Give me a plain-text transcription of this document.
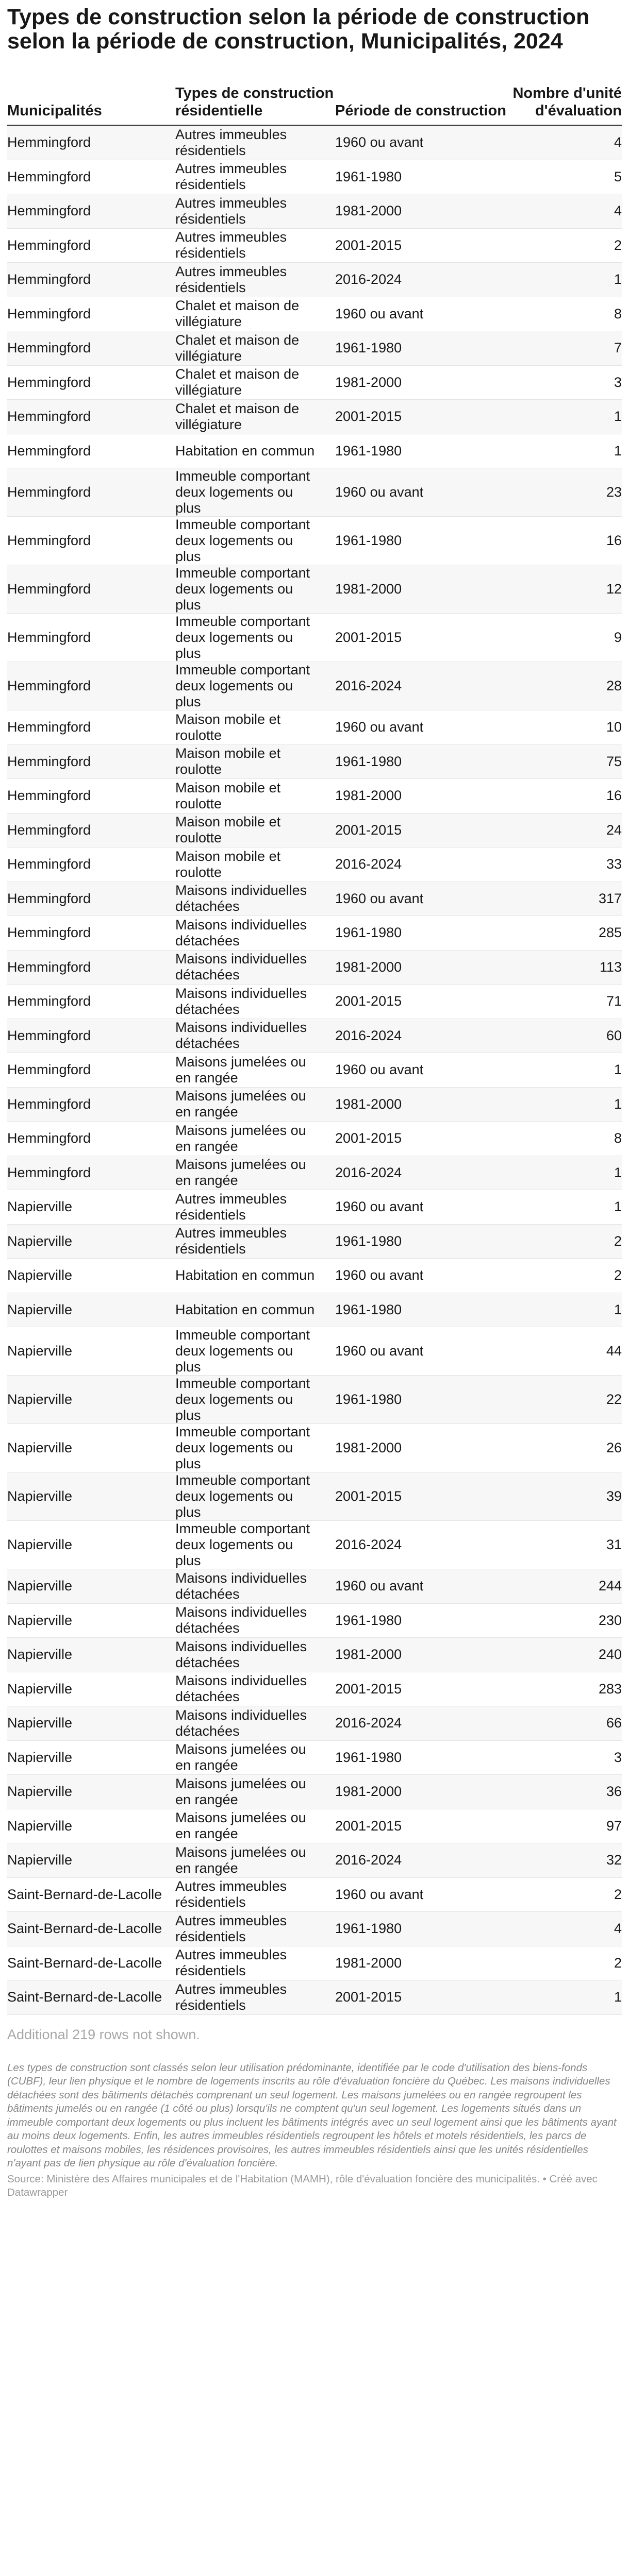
Types de construction selon la période de construction selon la période de construction, Municipalités, 2024
Municipalités	Types de construction résidentielle	Période de construction	Nombre d'unité d'évaluation

Hemmingford	Autres immeubles résidentiels	1960 ou avant	4

Hemmingford	Autres immeubles résidentiels	1961-1980	5

Hemmingford	Autres immeubles résidentiels	1981-2000	4

Hemmingford	Autres immeubles résidentiels	2001-2015	2

Hemmingford	Autres immeubles résidentiels	2016-2024	1

Hemmingford	Chalet et maison de villégiature	1960 ou avant	8

Hemmingford	Chalet et maison de villégiature	1961-1980	7

Hemmingford	Chalet et maison de villégiature	1981-2000	3

Hemmingford	Chalet et maison de villégiature	2001-2015	1

Hemmingford	Habitation en commun	1961-1980	1

Hemmingford	Immeuble comportant deux logements ou plus	1960 ou avant	23

Hemmingford	Immeuble comportant deux logements ou plus	1961-1980	16

Hemmingford	Immeuble comportant deux logements ou plus	1981-2000	12

Hemmingford	Immeuble comportant deux logements ou plus	2001-2015	9

Hemmingford	Immeuble comportant deux logements ou plus	2016-2024	28

Hemmingford	Maison mobile et roulotte	1960 ou avant	10

Hemmingford	Maison mobile et roulotte	1961-1980	75

Hemmingford	Maison mobile et roulotte	1981-2000	16

Hemmingford	Maison mobile et roulotte	2001-2015	24

Hemmingford	Maison mobile et roulotte	2016-2024	33

Hemmingford	Maisons individuelles détachées	1960 ou avant	317

Hemmingford	Maisons individuelles détachées	1961-1980	285

Hemmingford	Maisons individuelles détachées	1981-2000	113

Hemmingford	Maisons individuelles détachées	2001-2015	71

Hemmingford	Maisons individuelles détachées	2016-2024	60

Hemmingford	Maisons jumelées ou en rangée	1960 ou avant	1

Hemmingford	Maisons jumelées ou en rangée	1981-2000	1

Hemmingford	Maisons jumelées ou en rangée	2001-2015	8

Hemmingford	Maisons jumelées ou en rangée	2016-2024	1

Napierville	Autres immeubles résidentiels	1960 ou avant	1

Napierville	Autres immeubles résidentiels	1961-1980	2

Napierville	Habitation en commun	1960 ou avant	2

Napierville	Habitation en commun	1961-1980	1

Napierville	Immeuble comportant deux logements ou plus	1960 ou avant	44

Napierville	Immeuble comportant deux logements ou plus	1961-1980	22

Napierville	Immeuble comportant deux logements ou plus	1981-2000	26

Napierville	Immeuble comportant deux logements ou plus	2001-2015	39

Napierville	Immeuble comportant deux logements ou plus	2016-2024	31

Napierville	Maisons individuelles détachées	1960 ou avant	244

Napierville	Maisons individuelles détachées	1961-1980	230

Napierville	Maisons individuelles détachées	1981-2000	240

Napierville	Maisons individuelles détachées	2001-2015	283

Napierville	Maisons individuelles détachées	2016-2024	66

Napierville	Maisons jumelées ou en rangée	1961-1980	3

Napierville	Maisons jumelées ou en rangée	1981-2000	36

Napierville	Maisons jumelées ou en rangée	2001-2015	97

Napierville	Maisons jumelées ou en rangée	2016-2024	32

Saint-Bernard-de-Lacolle	Autres immeubles résidentiels	1960 ou avant	2

Saint-Bernard-de-Lacolle	Autres immeubles résidentiels	1961-1980	4

Saint-Bernard-de-Lacolle	Autres immeubles résidentiels	1981-2000	2

Saint-Bernard-de-Lacolle	Autres immeubles résidentiels	2001-2015	1
Additional 219 rows not shown.
Les types de construction sont classés selon leur utilisation prédominante, identifiée par le code d'utilisation des biens-fonds (CUBF), leur lien physique et le nombre de logements inscrits au rôle d'évaluation foncière du Québec. Les maisons individuelles détachées sont des bâtiments détachés comprenant un seul logement. Les maisons jumelées ou en rangée regroupent les bâtiments jumelés ou en rangée (1 côté ou plus) lorsqu'ils ne comptent qu'un seul logement. Les logements situés dans un immeuble comportant deux logements ou plus incluent les bâtiments intégrés avec un seul logement ainsi que les bâtiments ayant au moins deux logements. Enfin, les autres immeubles résidentiels regroupent les hôtels et motels résidentiels, les parcs de roulottes et maisons mobiles, les résidences provisoires, les autres immeubles résidentiels ainsi que les unités résidentielles n'ayant pas de lien physique au rôle d'évaluation foncière.
Source: Ministère des Affaires municipales et de l'Habitation (MAMH), rôle d'évaluation foncière des municipalités. • Créé avec Datawrapper
